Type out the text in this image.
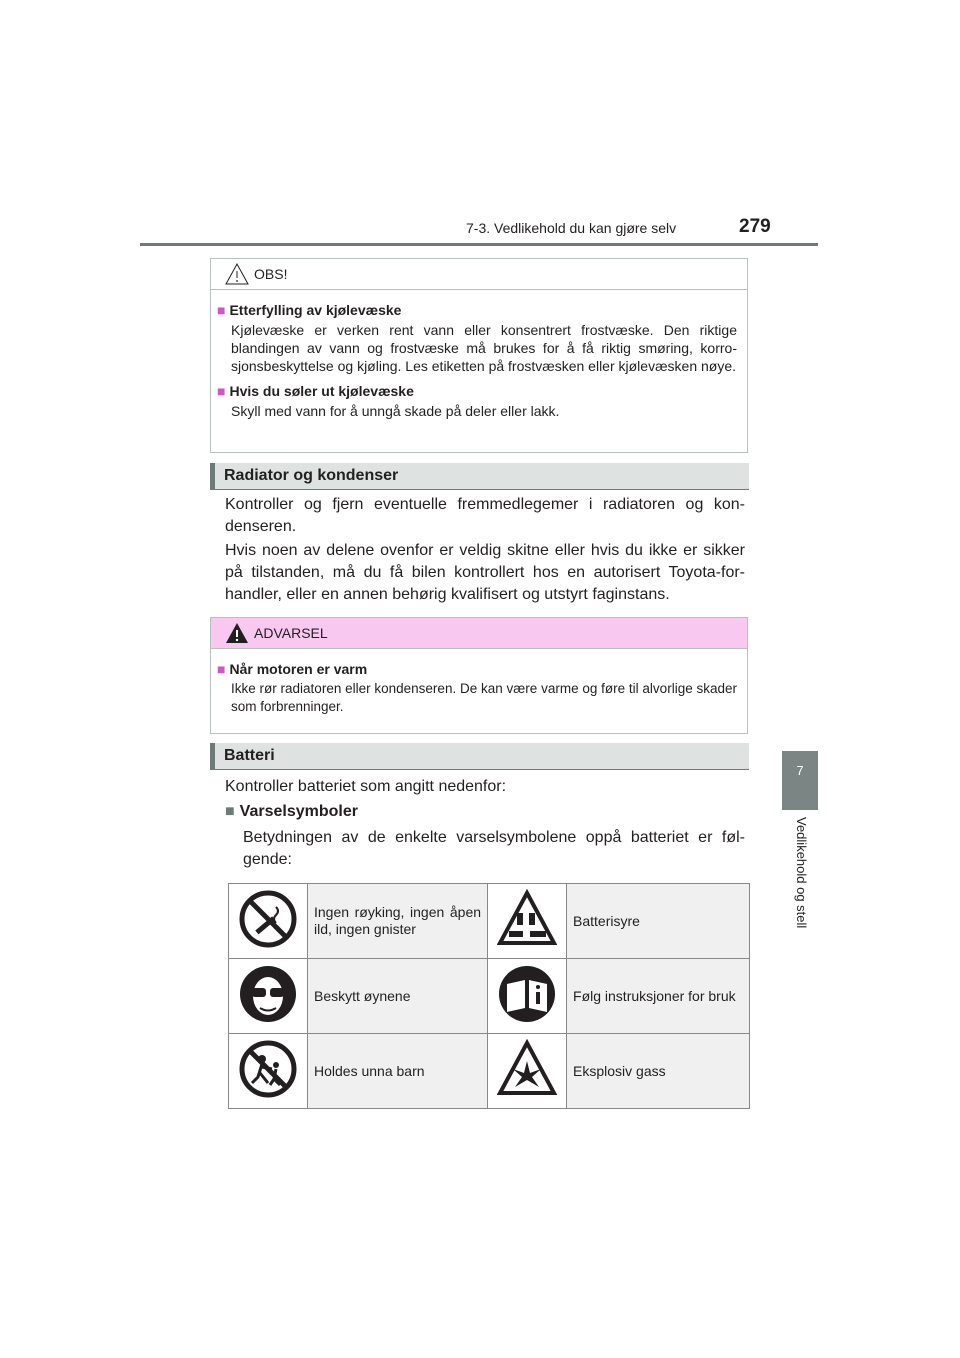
7-3. Vedlikehold du kan gjøre selv	279
7
Vedlikehold og stell
OBS!
■ Etterfylling av kjølevæske
Kjølevæske er verken rent vann eller konsentrert frostvæske. Den riktige blandingen av vann og frostvæske må brukes for å få riktig smøring, korro-sjonsbeskyttelse og kjøling. Les etiketten på frostvæsken eller kjølevæsken nøye.
■ Hvis du søler ut kjølevæske
Skyll med vann for å unngå skade på deler eller lakk.
Radiator og kondenser
Kontroller og fjern eventuelle fremmedlegemer i radiatoren og kon-denseren.
Hvis noen av delene ovenfor er veldig skitne eller hvis du ikke er sikker på tilstanden, må du få bilen kontrollert hos en autorisert Toyota-for-handler, eller en annen behørig kvalifisert og utstyrt faginstans.
ADVARSEL
■ Når motoren er varm
Ikke rør radiatoren eller kondenseren. De kan være varme og føre til alvorlige skader som forbrenninger.
Batteri
Kontroller batteriet som angitt nedenfor:
■ Varselsymboler
Betydningen av de enkelte varselsymbolene oppå batteriet er føl-gende:
	Ingen røyking, ingen åpen ild, ingen gnister		Batterisyre
	Beskytt øynene		Følg instruksjoner for bruk
	Holdes unna barn		Eksplosiv gass
